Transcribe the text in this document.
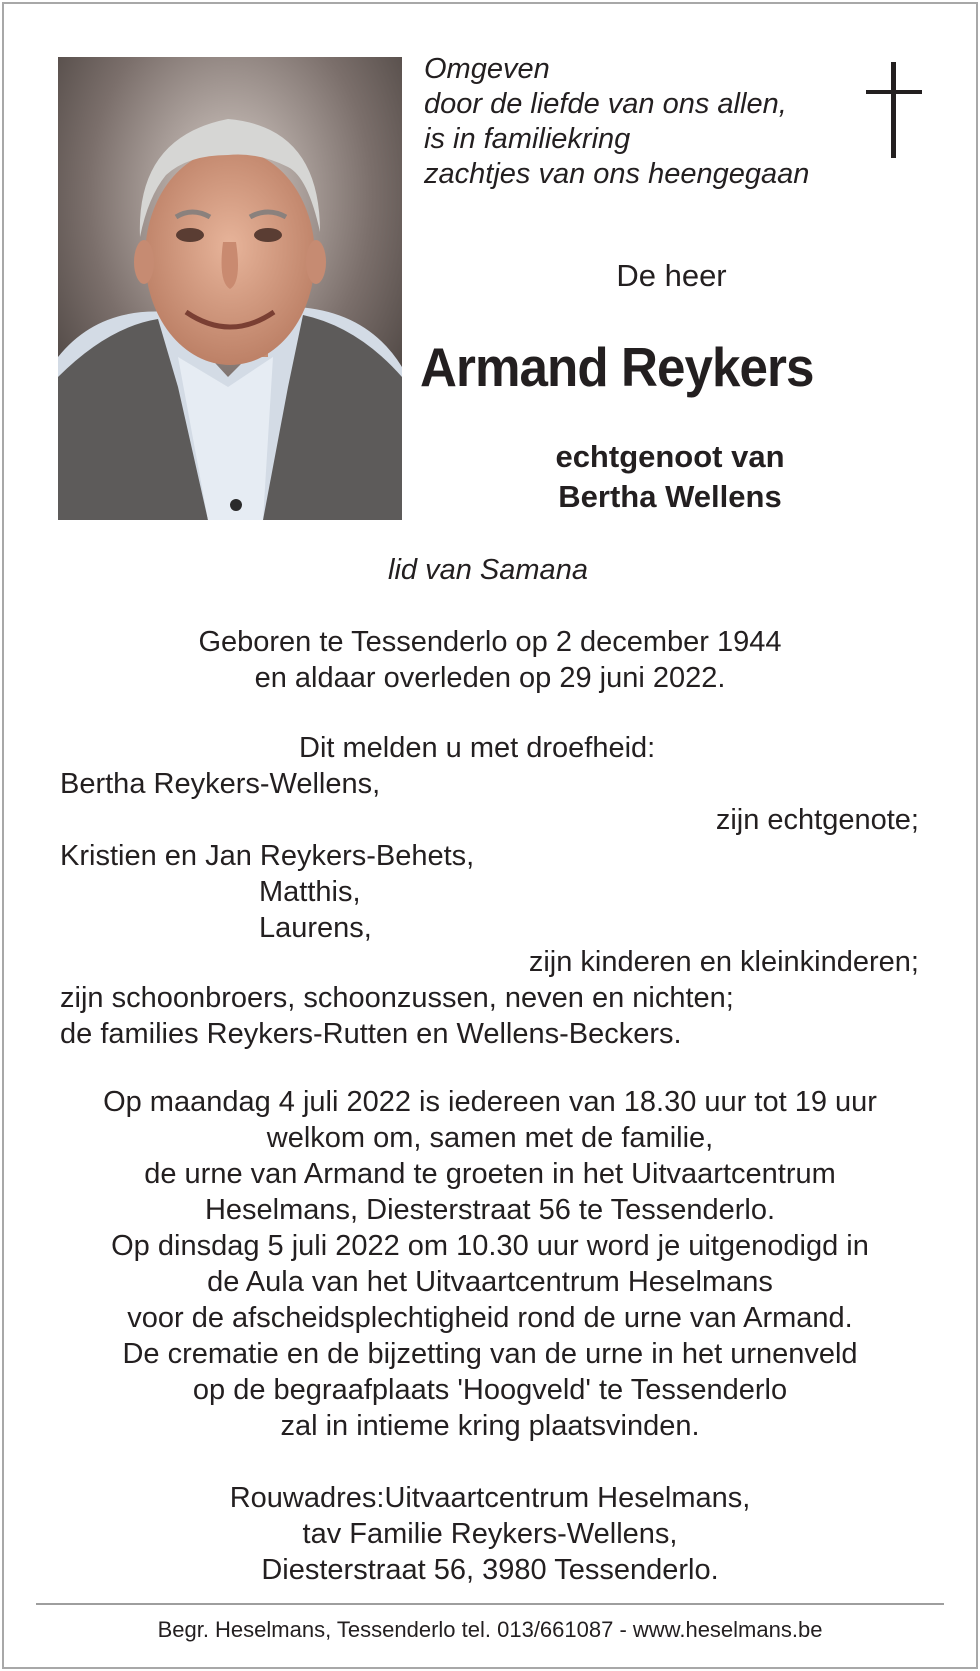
Omgeven
door de liefde van ons allen,
is in familiekring
zachtjes van ons heengegaan
De heer
Armand Reykers
echtgenoot van
Bertha Wellens
lid van Samana
Geboren te Tessenderlo op 2 december 1944
en aldaar overleden op 29 juni 2022.
Dit melden u met droefheid:
Bertha Reykers-Wellens,
zijn echtgenote;
Kristien en Jan Reykers-Behets,
Matthis,
Laurens,
zijn kinderen en kleinkinderen;
zijn schoonbroers, schoonzussen, neven en nichten;
de families Reykers-Rutten en Wellens-Beckers.
Op maandag 4 juli 2022 is iedereen van 18.30 uur tot 19 uur
welkom om, samen met de familie,
de urne van Armand te groeten in het Uitvaartcentrum
Heselmans, Diesterstraat 56 te Tessenderlo.
Op dinsdag 5 juli 2022 om 10.30 uur word je uitgenodigd in
de Aula van het Uitvaartcentrum Heselmans
voor de afscheidsplechtigheid rond de urne van Armand.
De crematie en de bijzetting van de urne in het urnenveld
op de begraafplaats 'Hoogveld' te Tessenderlo
zal in intieme kring plaatsvinden.
Rouwadres:Uitvaartcentrum Heselmans,
tav Familie Reykers-Wellens,
Diesterstraat 56, 3980 Tessenderlo.
Begr. Heselmans, Tessenderlo tel. 013/661087 - www.heselmans.be
